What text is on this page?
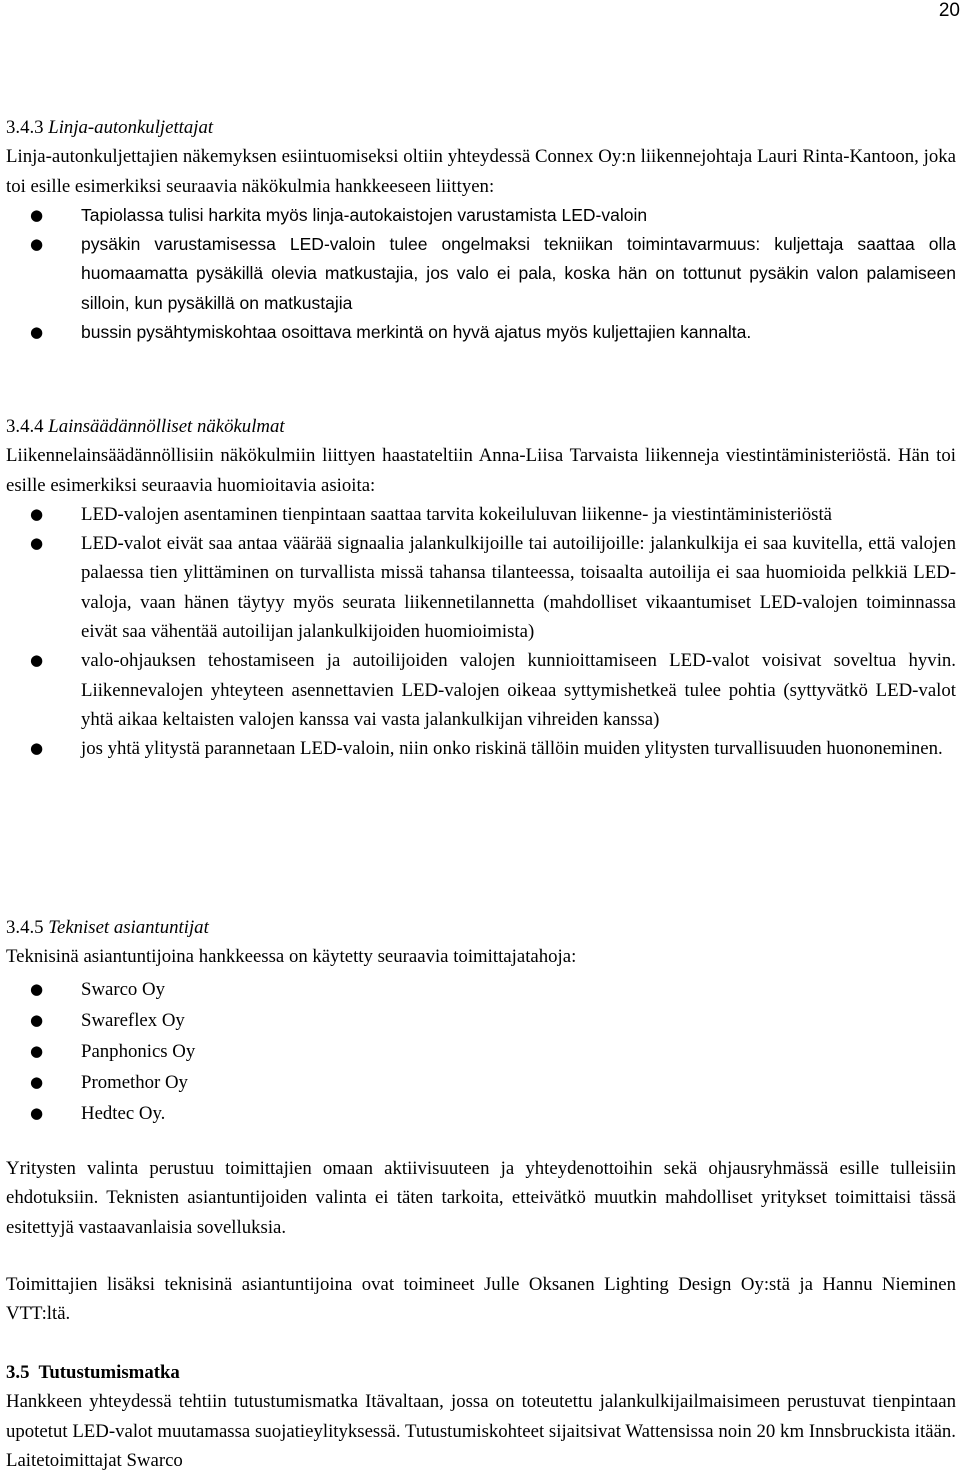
20
3.4.3 Linja-autonkuljettajat
Linja-autonkuljettajien näkemyksen esiintuomiseksi oltiin yhteydessä Connex Oy:n liikennejohtaja Lauri Rinta-Kantoon, joka toi esille esimerkiksi seuraavia näkökulmia hankkeeseen liittyen:
● Tapiolassa tulisi harkita myös linja-autokaistojen varustamista LED-valoin
● pysäkin varustamisessa LED-valoin tulee ongelmaksi tekniikan toimintavarmuus: kuljettaja saattaa olla huomaamatta pysäkillä olevia matkustajia, jos valo ei pala, koska hän on tottunut pysäkin valon palamiseen silloin, kun pysäkillä on matkustajia
● bussin pysähtymiskohtaa osoittava merkintä on hyvä ajatus myös kuljettajien kannalta.
3.4.4 Lainsäädännölliset näkökulmat
Liikennelainsäädännöllisiin näkökulmiin liittyen haastateltiin Anna-Liisa Tarvaista liikenneja viestintäministeriöstä. Hän toi esille esimerkiksi seuraavia huomioitavia asioita:
● LED-valojen asentaminen tienpintaan saattaa tarvita kokeiluluvan liikenne- ja viestintäministeriöstä
● LED-valot eivät saa antaa väärää signaalia jalankulkijoille tai autoilijoille: jalankulkija ei saa kuvitella, että valojen palaessa tien ylittäminen on turvallista missä tahansa tilanteessa, toisaalta autoilija ei saa huomioida pelkkiä LED-valoja, vaan hänen täytyy myös seurata liikennetilannetta (mahdolliset vikaantumiset LED-valojen toiminnassa eivät saa vähentää autoilijan jalankulkijoiden huomioimista)
● valo-ohjauksen tehostamiseen ja autoilijoiden valojen kunnioittamiseen LED-valot voisivat soveltua hyvin. Liikennevalojen yhteyteen asennettavien LED-valojen oikeaa syttymishetkeä tulee pohtia (syttyvätkö LED-valot yhtä aikaa keltaisten valojen kanssa vai vasta jalankulkijan vihreiden kanssa)
● jos yhtä ylitystä parannetaan LED-valoin, niin onko riskinä tällöin muiden ylitysten turvallisuuden huononeminen.
3.4.5 Tekniset asiantuntijat
Teknisinä asiantuntijoina hankkeessa on käytetty seuraavia toimittajatahoja:
● Swarco Oy
● Swareflex Oy
● Panphonics Oy
● Promethor Oy
● Hedtec Oy.
Yritysten valinta perustuu toimittajien omaan aktiivisuuteen ja yhteydenottoihin sekä ohjausryhmässä esille tulleisiin ehdotuksiin. Teknisten asiantuntijoiden valinta ei täten tarkoita, etteivätkö muutkin mahdolliset yritykset toimittaisi tässä esitettyjä vastaavanlaisia sovelluksia.
Toimittajien lisäksi teknisinä asiantuntijoina ovat toimineet Julle Oksanen Lighting Design Oy:stä ja Hannu Nieminen VTT:ltä.
3.5 Tutustumismatka
Hankkeen yhteydessä tehtiin tutustumismatka Itävaltaan, jossa on toteutettu jalankulkijailmaisimeen perustuvat tienpintaan upotetut LED-valot muutamassa suojatieylityksessä. Tutustumiskohteet sijaitsivat Wattensissa noin 20 km Innsbruckista itään. Laitetoimittajat Swarco
